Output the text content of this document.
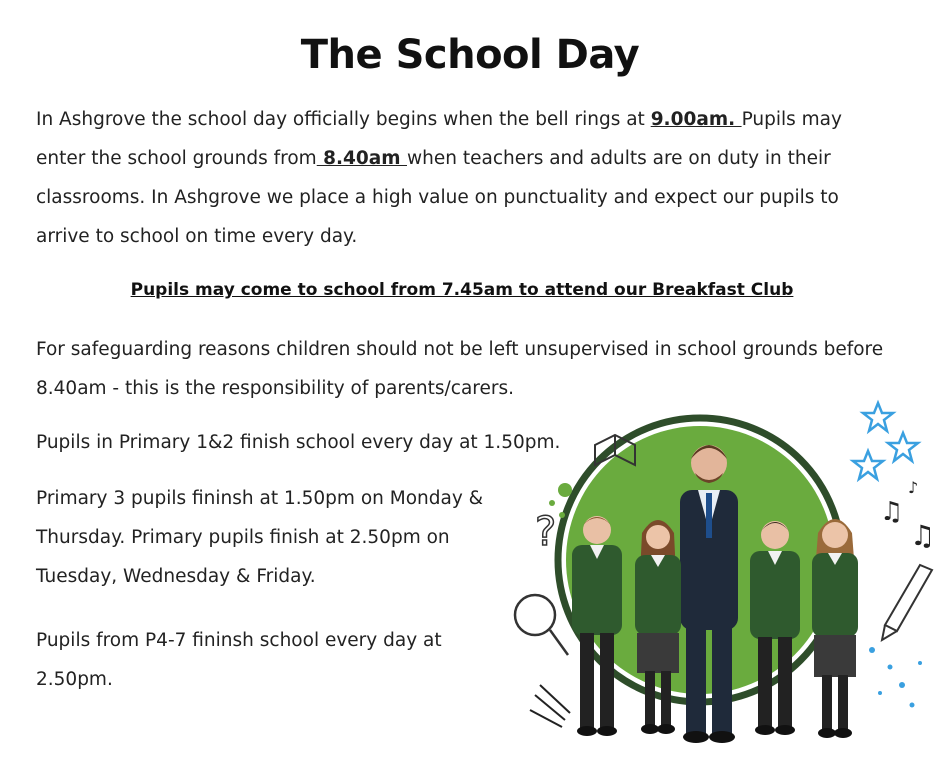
The School Day

In Ashgrove the school day officially begins when the bell rings at 9.00am. Pupils may enter the school grounds from 8.40am when teachers and adults are on duty in their classrooms. In Ashgrove we place a high value on punctuality and expect our pupils to arrive to school on time every day.

Pupils may come to school from 7.45am to attend our Breakfast Club

For safeguarding reasons children should not be left unsupervised in school grounds before 8.40am - this is the responsibility of parents/carers.

Pupils in Primary 1&2 finish school every day at 1.50pm.

Primary 3 pupils fininsh at 1.50pm on Monday & Thursday. Primary pupils finish at 2.50pm on Tuesday, Wednesday & Friday.

Pupils from P4-7 fininsh school every day at 2.50pm.

?	♫
♪
♫
